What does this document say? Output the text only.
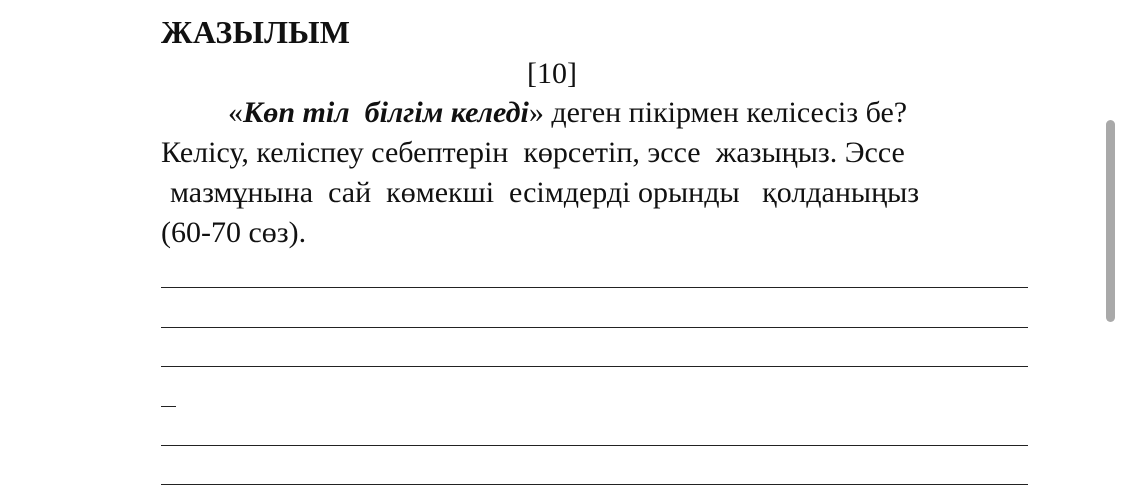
ЖАЗЫЛЫМ
[10]
«Көп тіл  білгім келеді» деген пікірмен келісесіз бе?
Келісу, келіспеу себептерін  көрсетіп, эссе  жазыңыз. Эссе
мазмұнына  сай  көмекші  есімдерді орынды   қолданыңыз
(60-70 сөз).
